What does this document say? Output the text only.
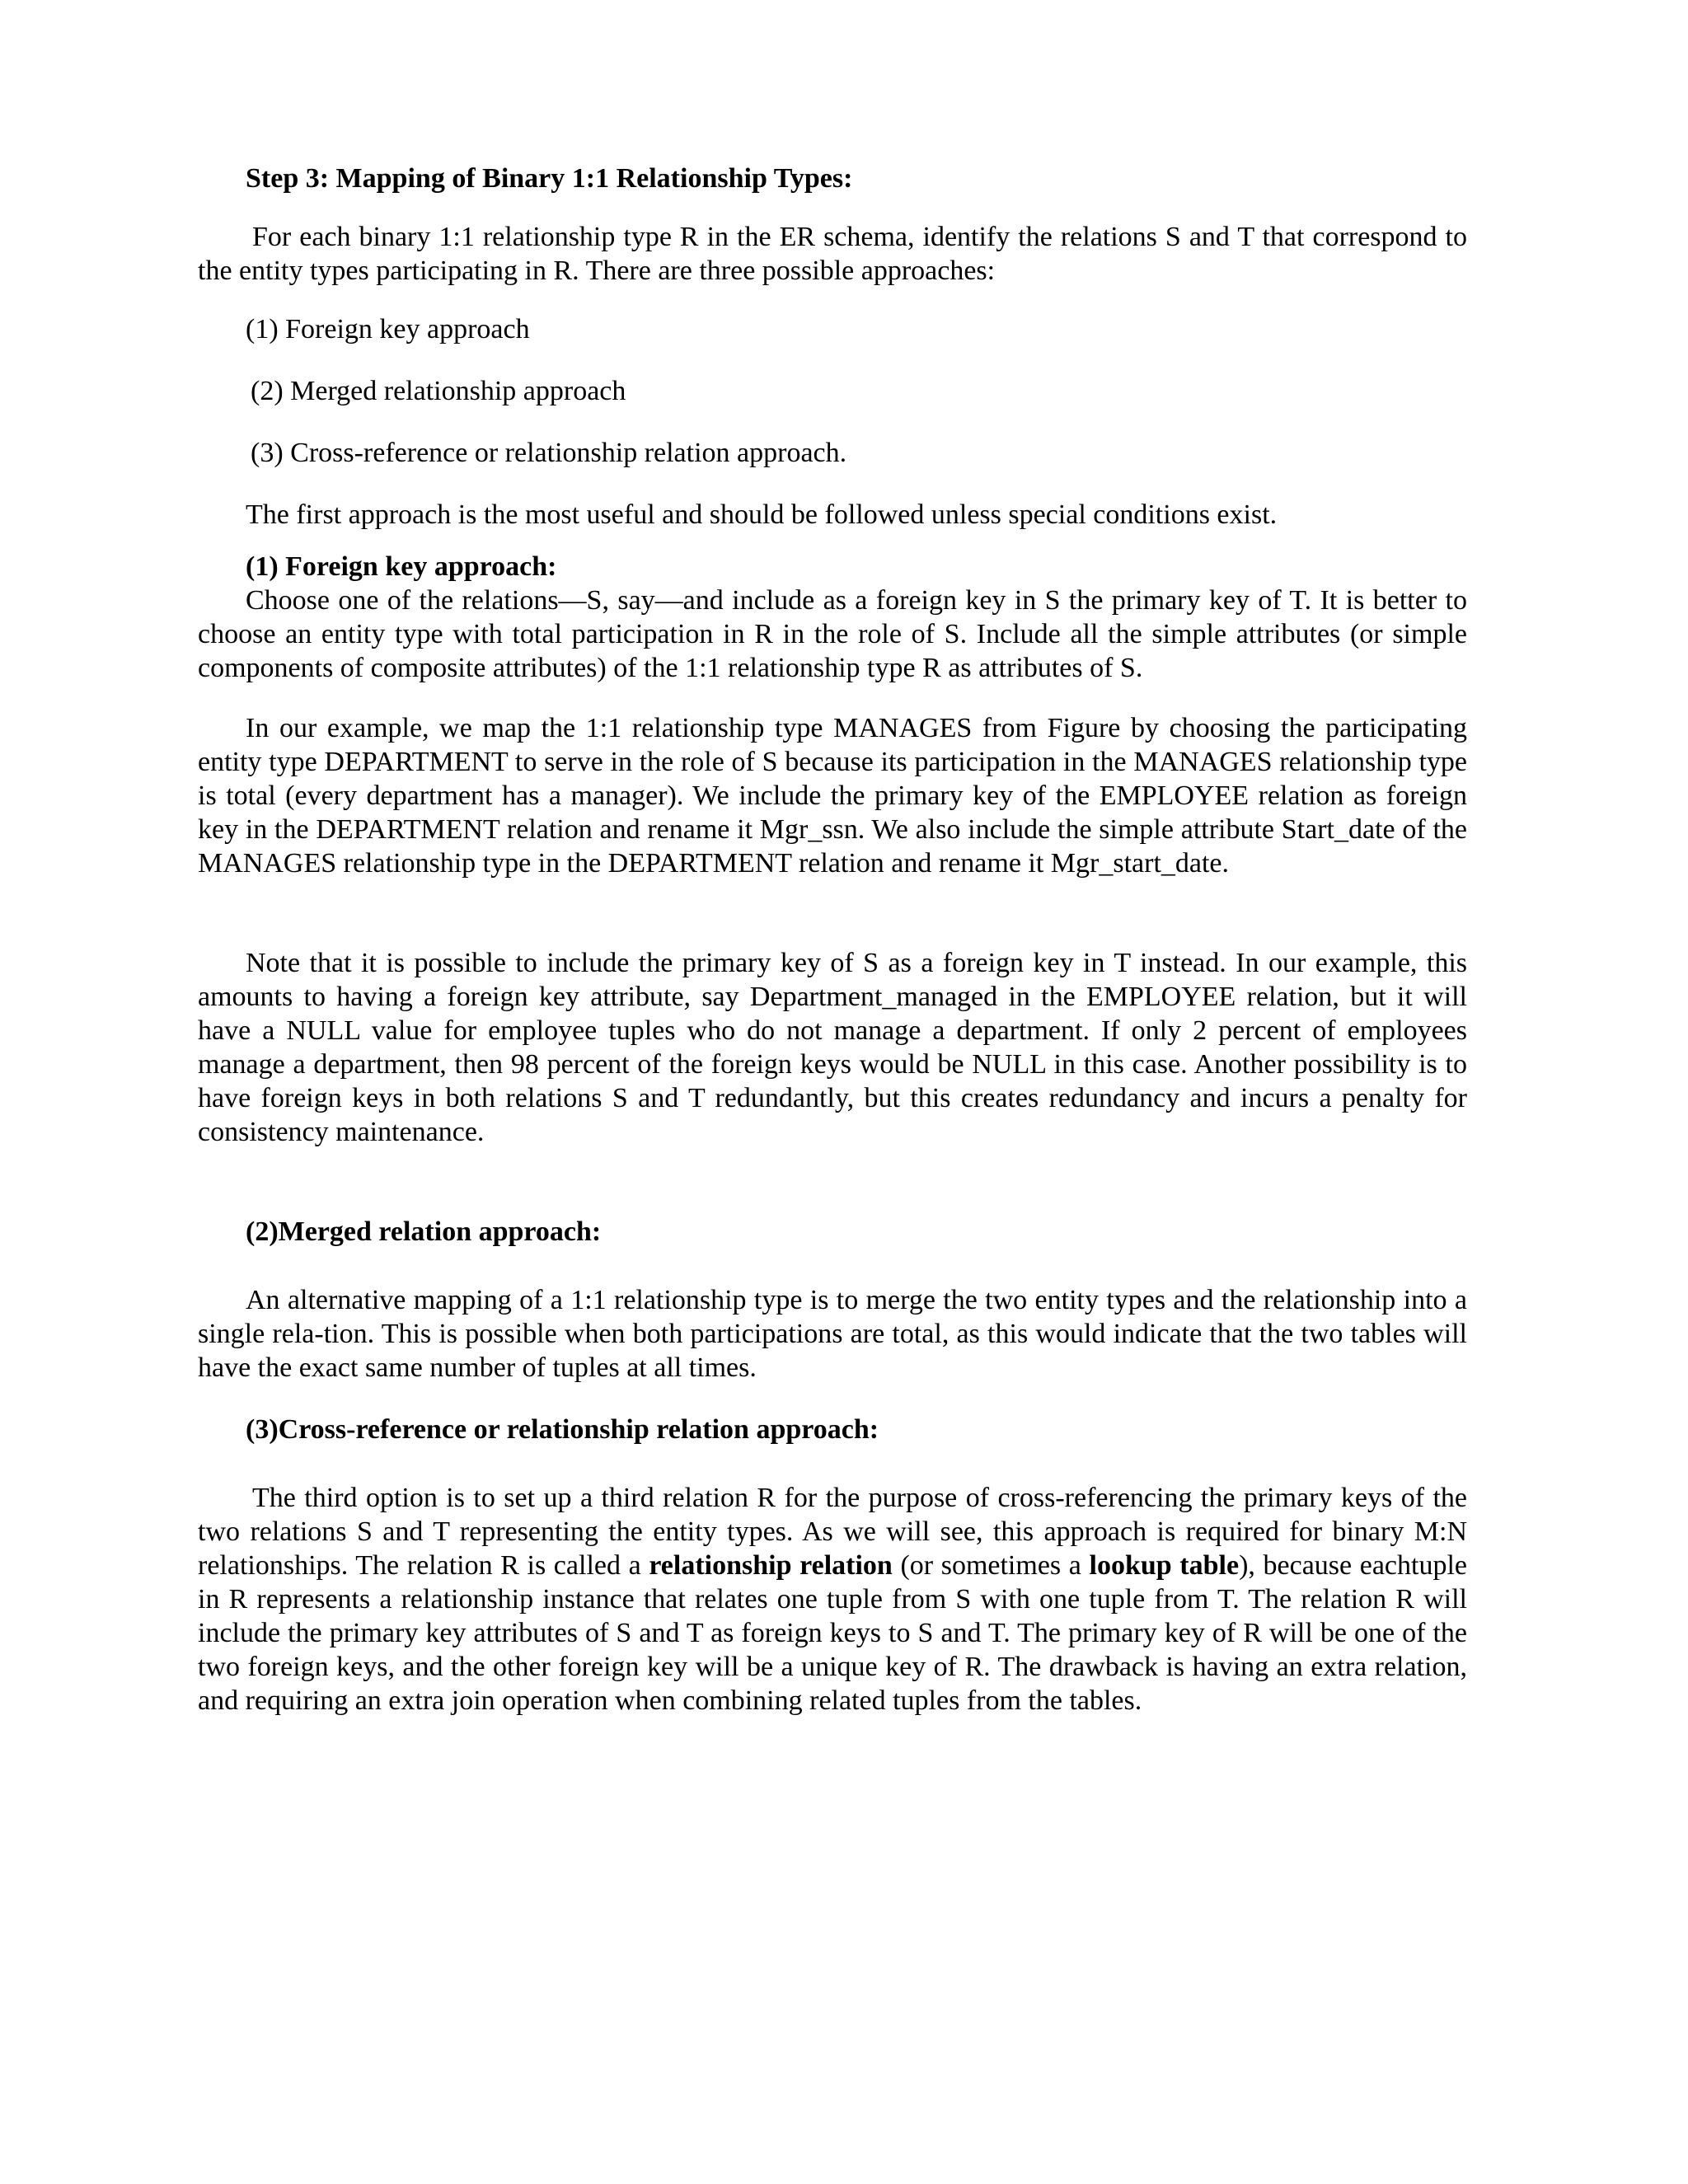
Step 3: Mapping of Binary 1:1 Relationship Types:

For each binary 1:1 relationship type R in the ER schema, identify the relations S and T that correspond to the entity types participating in R. There are three possible approaches:

(1) Foreign key approach

(2) Merged relationship approach

(3) Cross-reference or relationship relation approach.

The first approach is the most useful and should be followed unless special conditions exist.

(1) Foreign key approach:

Choose one of the relations—S, say—and include as a foreign key in S the primary key of T. It is better to choose an entity type with total participation in R in the role of S. Include all the simple attributes (or simple components of composite attributes) of the 1:1 relationship type R as attributes of S.

In our example, we map the 1:1 relationship type MANAGES from Figure by choosing the participating entity type DEPARTMENT to serve in the role of S because its participation in the MANAGES relationship type is total (every department has a manager). We include the primary key of the EMPLOYEE relation as foreign key in the DEPARTMENT relation and rename it Mgr_ssn. We also include the simple attribute Start_date of the MANAGES relationship type in the DEPARTMENT relation and rename it Mgr_start_date.

Note that it is possible to include the primary key of S as a foreign key in T instead. In our example, this amounts to having a foreign key attribute, say Department_managed in the EMPLOYEE relation, but it will have a NULL value for employee tuples who do not manage a department. If only 2 percent of employees manage a department, then 98 percent of the foreign keys would be NULL in this case. Another possibility is to have foreign keys in both relations S and T redundantly, but this creates redundancy and incurs a penalty for consistency maintenance.

(2)Merged relation approach:

An alternative mapping of a 1:1 relationship type is to merge the two entity types and the relationship into a single rela-tion. This is possible when both participations are total, as this would indicate that the two tables will have the exact same number of tuples at all times.

(3)Cross-reference or relationship relation approach:

The third option is to set up a third relation R for the purpose of cross-referencing the primary keys of the two relations S and T representing the entity types. As we will see, this approach is required for binary M:N relationships. The relation R is called a relationship relation (or sometimes a lookup table), because eachtuple in R represents a relationship instance that relates one tuple from S with one tuple from T. The relation R will include the primary key attributes of S and T as foreign keys to S and T. The primary key of R will be one of the two foreign keys, and the other foreign key will be a unique key of R. The drawback is having an extra relation, and requiring an extra join operation when combining related tuples from the tables.
